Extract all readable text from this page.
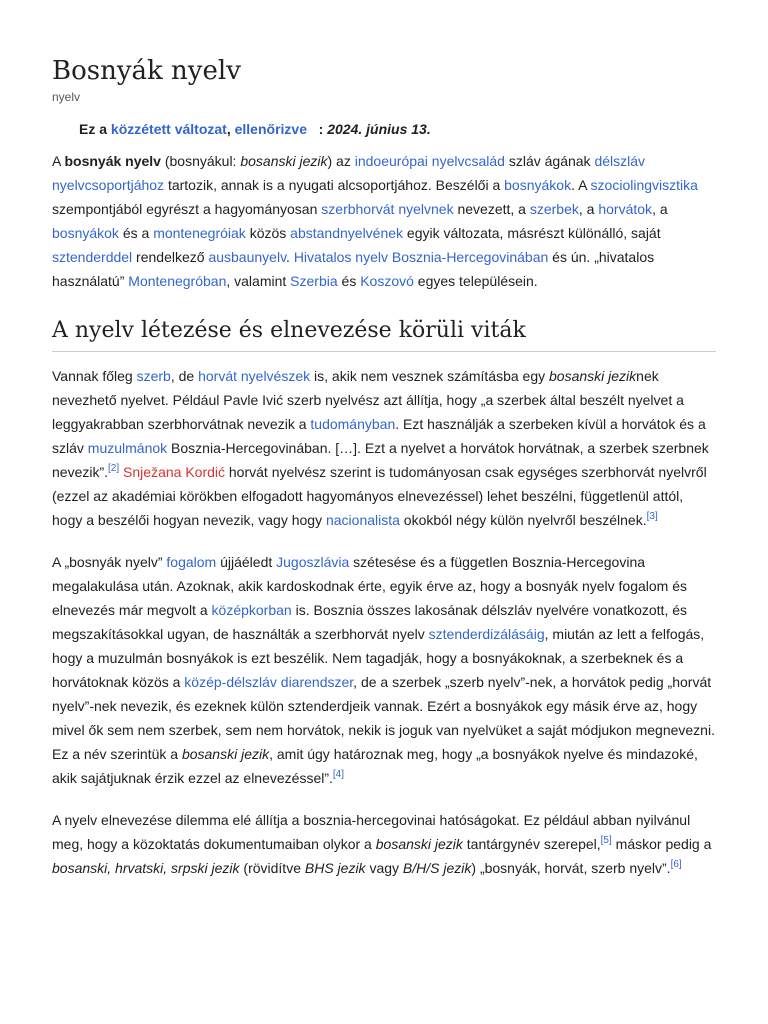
Bosnyák nyelv
nyelv
Ez a közzétett változat, ellenőrizve : 2024. június 13.

A bosnyák nyelv (bosnyákul: bosanski jezik) az indoeurópai nyelvcsalád szláv ágának délszláv nyelvcsoportjához tartozik, annak is a nyugati alcsoportjához. Beszélői a bosnyákok. A szociolingvisztika szempontjából egyrészt a hagyományosan szerbhorvát nyelvnek nevezett, a szerbek, a horvátok, a bosnyákok és a montenegróiak közös abstandnyelvének egyik változata, másrészt különálló, saját sztenderddel rendelkező ausbaunyelv. Hivatalos nyelv Bosznia-Hercegovinában és ún. „hivatalos használatú” Montenegróban, valamint Szerbia és Koszovó egyes településein.

A nyelv létezése és elnevezése körüli viták

Vannak főleg szerb, de horvát nyelvészek is, akik nem vesznek számításba egy bosanski jeziknek nevezhető nyelvet. Például Pavle Ivić szerb nyelvész azt állítja, hogy „a szerbek által beszélt nyelvet a leggyakrabban szerbhorvátnak nevezik a tudományban. Ezt használják a szerbeken kívül a horvátok és a szláv muzulmánok Bosznia-Hercegovinában. […]. Ezt a nyelvet a horvátok horvátnak, a szerbek szerbnek nevezik”.[2] Snježana Kordić horvát nyelvész szerint is tudományosan csak egységes szerbhorvát nyelvről (ezzel az akadémiai körökben elfogadott hagyományos elnevezéssel) lehet beszélni, függetlenül attól, hogy a beszélői hogyan nevezik, vagy hogy nacionalista okokból négy külön nyelvről beszélnek.[3]

A „bosnyák nyelv” fogalom újjáéledt Jugoszlávia szétesése és a független Bosznia-Hercegovina megalakulása után. Azoknak, akik kardoskodnak érte, egyik érve az, hogy a bosnyák nyelv fogalom és elnevezés már megvolt a középkorban is. Bosznia összes lakosának délszláv nyelvére vonatkozott, és megszakításokkal ugyan, de használták a szerbhorvát nyelv sztenderdizálásáig, miután az lett a felfogás, hogy a muzulmán bosnyákok is ezt beszélik. Nem tagadják, hogy a bosnyákoknak, a szerbeknek és a horvátoknak közös a közép-délszláv diarendszer, de a szerbek „szerb nyelv”-nek, a horvátok pedig „horvát nyelv”-nek nevezik, és ezeknek külön sztenderdjeik vannak. Ezért a bosnyákok egy másik érve az, hogy mivel ők sem nem szerbek, sem nem horvátok, nekik is joguk van nyelvüket a saját módjukon megnevezni. Ez a név szerintük a bosanski jezik, amit úgy határoznak meg, hogy „a bosnyákok nyelve és mindazoké, akik sajátjuknak érzik ezzel az elnevezéssel”.[4]

A nyelv elnevezése dilemma elé állítja a bosznia-hercegovinai hatóságokat. Ez például abban nyilvánul meg, hogy a közoktatás dokumentumaiban olykor a bosanski jezik tantárgynév szerepel,[5] máskor pedig a bosanski, hrvatski, srpski jezik (rövidítve BHS jezik vagy B/H/S jezik) „bosnyák, horvát, szerb nyelv”.[6]
